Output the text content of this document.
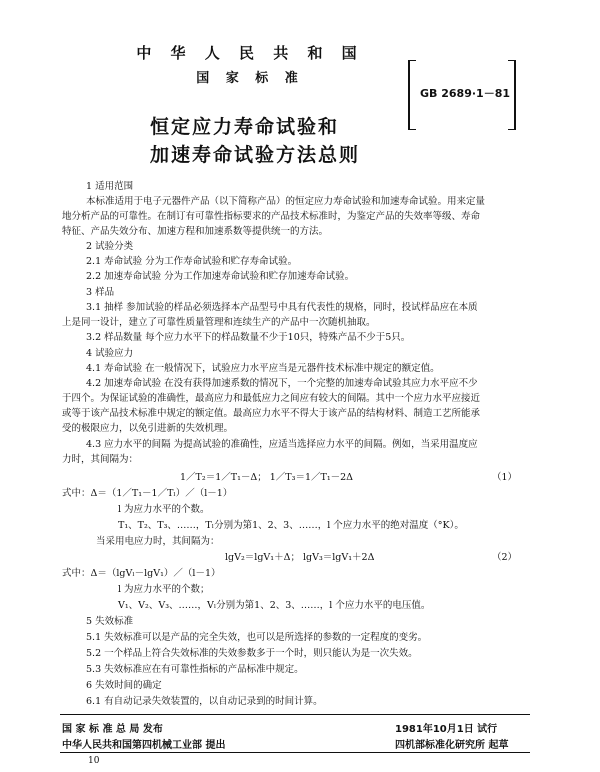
中 华 人 民 共 和 国
国 家 标 准
GB 2689·1－81
恒定应力寿命试验和
加速寿命试验方法总则
1 适用范围
本标准适用于电子元器件产品（以下简称产品）的恒定应力寿命试验和加速寿命试验。用来定量
地分析产品的可靠性。在制订有可靠性指标要求的产品技术标准时，为鉴定产品的失效率等级、寿命
特征、产品失效分布、加速方程和加速系数等提供统一的方法。
2 试验分类
2.1 寿命试验 分为工作寿命试验和贮存寿命试验。
2.2 加速寿命试验 分为工作加速寿命试验和贮存加速寿命试验。
3 样品
3.1 抽样 参加试验的样品必须选择本产品型号中具有代表性的规格，同时，投试样品应在本质
上是同一设计，建立了可靠性质量管理和连续生产的产品中一次随机抽取。
3.2 样品数量 每个应力水平下的样品数量不少于10只，特殊产品不少于5只。
4 试验应力
4.1 寿命试验 在一般情况下，试验应力水平应当是元器件技术标准中规定的额定值。
4.2 加速寿命试验 在没有获得加速系数的情况下，一个完整的加速寿命试验其应力水平应不少
于四个。为保证试验的准确性，最高应力和最低应力之间应有较大的间隔。其中一个应力水平应接近
或等于该产品技术标准中规定的额定值。最高应力水平不得大于该产品的结构材料、制造工艺所能承
受的极限应力，以免引进新的失效机理。
4.3 应力水平的间隔 为提高试验的准确性，应适当选择应力水平的间隔。例如，当采用温度应
力时，其间隔为：
1／T₂＝1／T₁－Δ； 1／T₃＝1／T₁－2Δ	（1）
式中：Δ＝（1／T₁－1／Tₗ）／（l－1）
l 为应力水平的个数。
T₁、T₂、T₃、……，Tₗ分别为第1、2、3、……，l 个应力水平的绝对温度（°K）。
当采用电应力时，其间隔为：
lgV₂＝lgV₁＋Δ； lgV₃＝lgV₁＋2Δ	（2）
式中：Δ＝（lgVₗ－lgV₁）／（l－1）
l 为应力水平的个数；
V₁、V₂、V₃、……，Vₗ分别为第1、2、3、……，l 个应力水平的电压值。
5 失效标准
5.1 失效标准可以是产品的完全失效，也可以是所选择的参数的一定程度的变劣。
5.2 一个样品上符合失效标准的失效参数多于一个时，则只能认为是一次失效。
5.3 失效标准应在有可靠性指标的产品标准中规定。
6 失效时间的确定
6.1 有自动记录失效装置的，以自动记录到的时间计算。
国 家 标 准 总 局 发布
中华人民共和国第四机械工业部 提出
1981年10月1日 试行
四机部标准化研究所 起草
10
